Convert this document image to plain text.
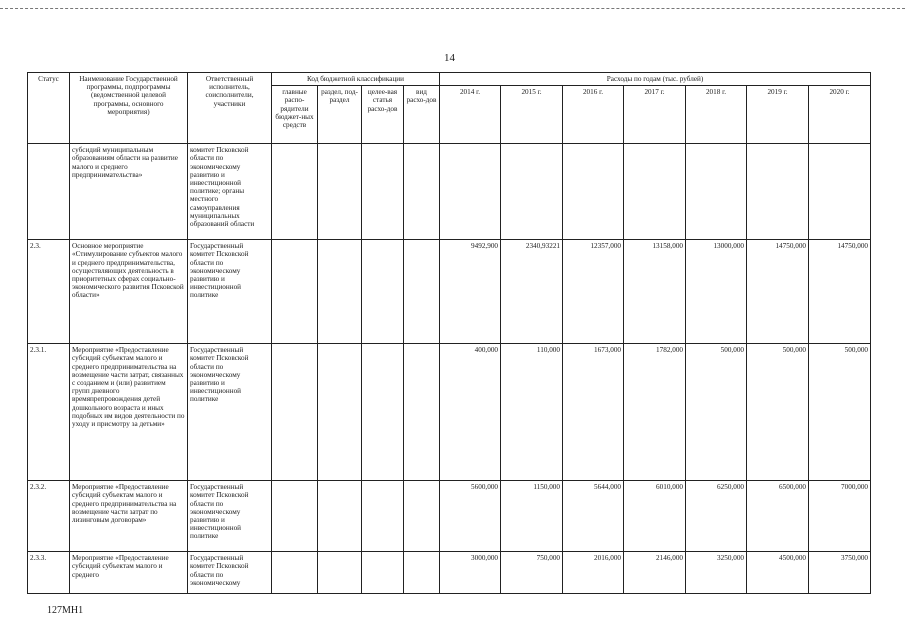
14
Статус	Наименование Государственной программы, подпрограммы (ведомственной целевой программы, основного мероприятия)	Ответственный исполнитель, соисполнители, участники	Код бюджетной классификации				Расходы по годам (тыс. рублей)						
			главные распо-рядители бюджет-ных средств	раздел, под-раздел	целее-вая статья расхо-дов	вид расхо-дов	2014 г.	2015 г.	2016 г.	2017 г.	2018 г.	2019 г.	2020 г.
	субсидий муниципальным образованиям области на развитие малого и среднего предпринимательства»	комитет Псковской области по экономическому развитию и инвестиционной политике; органы местного самоуправления муниципальных образований области											
2.3.	Основное мероприятие «Стимулирование субъектов малого и среднего предпринимательства, осуществляющих деятельность в приоритетных сферах социально-экономического развития Псковской области»	Государственный комитет Псковской области по экономическому развитию и инвестиционной политике					9492,900	2340,93221	12357,000	13158,000	13000,000	14750,000	14750,000
2.3.1.	Мероприятие «Предоставление субсидий субъектам малого и среднего предпринимательства на возмещение части затрат, связанных с созданием и (или) развитием групп дневного времяпрепровождения детей дошкольного возраста и иных подобных им видов деятельности по уходу и присмотру за детьми»	Государственный комитет Псковской области по экономическому развитию и инвестиционной политике					400,000	110,000	1673,000	1782,000	500,000	500,000	500,000
2.3.2.	Мероприятие «Предоставление субсидий субъектам малого и среднего предпринимательства на возмещение части затрат по лизинговым договорам»	Государственный комитет Псковской области по экономическому развитию и инвестиционной политике					5600,000	1150,000	5644,000	6010,000	6250,000	6500,000	7000,000
2.3.3.	Мероприятие «Предоставление субсидий субъектам малого и среднего	Государственный комитет Псковской области по экономическому					3000,000	750,000	2016,000	2146,000	3250,000	4500,000	3750,000
127МН1
